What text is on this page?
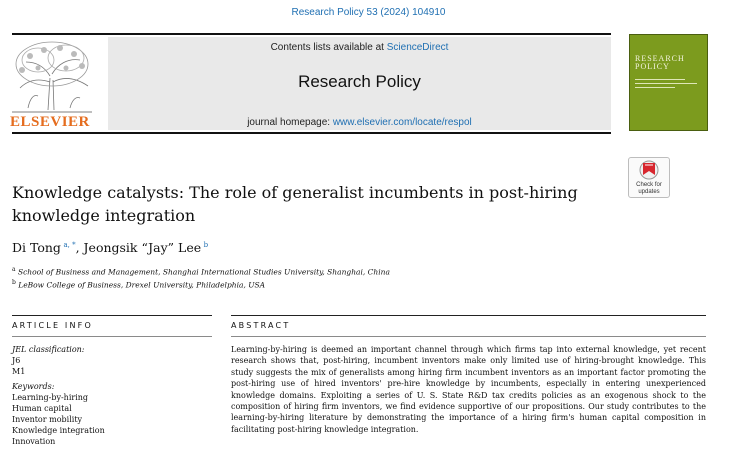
Research Policy 53 (2024) 104910
ELSEVIER
Contents lists available at ScienceDirect
Research Policy
journal homepage: www.elsevier.com/locate/respol
RESEARCH POLICY
Check for updates
Knowledge catalysts: The role of generalist incumbents in post-hiring knowledge integration
Di Tong  $^{a, *}$, Jeongsik “Jay” Lee  $^b$
$^a$ School of Business and Management, Shanghai International Studies University, Shanghai, China
$^b$ LeBow College of Business, Drexel University, Philadelphia, USA
ARTICLE INFO	ABSTRACT
JEL classification:
J6
M1
Keywords:
Learning-by-hiring
Human capital
Inventor mobility
Knowledge integration
Innovation
Learning-by-hiring is deemed an important channel through which firms tap into external knowledge, yet recent research shows that, post-hiring, incumbent inventors make only limited use of hiring-brought knowledge. This study suggests the mix of generalists among hiring firm incumbent inventors as an important factor promoting the post-hiring use of hired inventors' pre-hire knowledge by incumbents, especially in entering unexperienced knowledge domains. Exploiting a series of U. S. State R&D tax credits policies as an exogenous shock to the composition of hiring firm inventors, we find evidence supportive of our propositions. Our study contributes to the learning-by-hiring literature by demonstrating the importance of a hiring firm's human capital composition in facilitating post-hiring knowledge integration.
